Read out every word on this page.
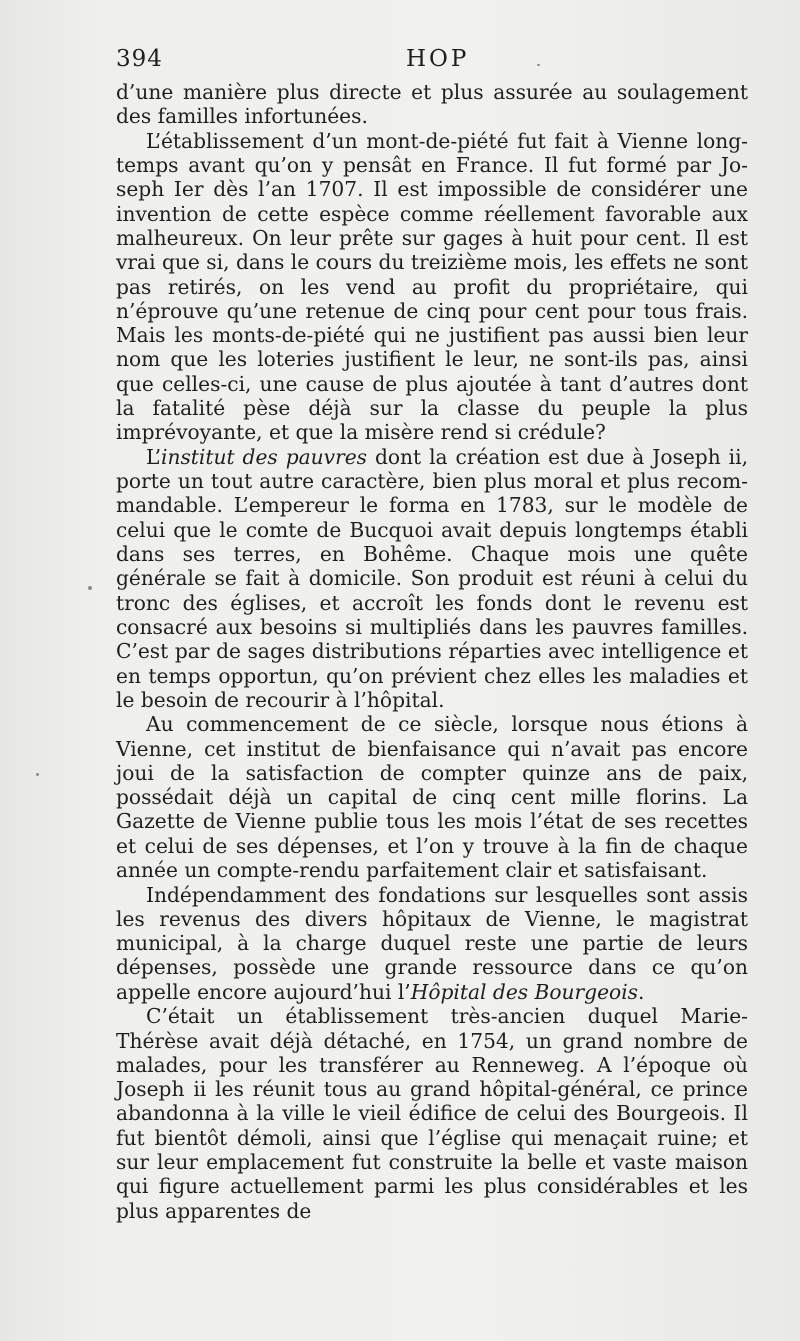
394	HOP

d’une manière plus directe et plus assurée au soulagement des familles infortunées.

L’établissement d’un mont-de-piété fut fait à Vienne longtemps avant qu’on y pensât en France. Il fut formé par Joseph Ier dès l’an 1707. Il est impossible de considérer une invention de cette espèce comme réellement favorable aux malheureux. On leur prête sur gages à huit pour cent. Il est vrai que si, dans le cours du treizième mois, les effets ne sont pas retirés, on les vend au profit du propriétaire, qui n’éprouve qu’une retenue de cinq pour cent pour tous frais. Mais les monts-de-piété qui ne justifient pas aussi bien leur nom que les loteries justifient le leur, ne sont-ils pas, ainsi que celles-ci, une cause de plus ajoutée à tant d’autres dont la fatalité pèse déjà sur la classe du peuple la plus imprévoyante, et que la misère rend si crédule?

L’institut des pauvres dont la création est due à Joseph ii, porte un tout autre caractère, bien plus moral et plus recommandable. L’empereur le forma en 1783, sur le modèle de celui que le comte de Bucquoi avait depuis longtemps établi dans ses terres, en Bohême. Chaque mois une quête générale se fait à domicile. Son produit est réuni à celui du tronc des églises, et accroît les fonds dont le revenu est consacré aux besoins si multipliés dans les pauvres familles. C’est par de sages distributions réparties avec intelligence et en temps opportun, qu’on prévient chez elles les maladies et le besoin de recourir à l’hôpital.

Au commencement de ce siècle, lorsque nous étions à Vienne, cet institut de bienfaisance qui n’avait pas encore joui de la satisfaction de compter quinze ans de paix, possédait déjà un capital de cinq cent mille florins. La Gazette de Vienne publie tous les mois l’état de ses recettes et celui de ses dépenses, et l’on y trouve à la fin de chaque année un compte-rendu parfaitement clair et satisfaisant.

Indépendamment des fondations sur lesquelles sont assis les revenus des divers hôpitaux de Vienne, le magistrat municipal, à la charge duquel reste une partie de leurs dépenses, possède une grande ressource dans ce qu’on appelle encore aujourd’hui l’Hôpital des Bourgeois.

C’était un établissement très-ancien duquel Marie-Thérèse avait déjà détaché, en 1754, un grand nombre de malades, pour les transférer au Renneweg. A l’époque où Joseph ii les réunit tous au grand hôpital-général, ce prince abandonna à la ville le vieil édifice de celui des Bourgeois. Il fut bientôt démoli, ainsi que l’église qui menaçait ruine; et sur leur emplacement fut construite la belle et vaste maison qui figure actuellement parmi les plus considérables et les plus apparentes de
